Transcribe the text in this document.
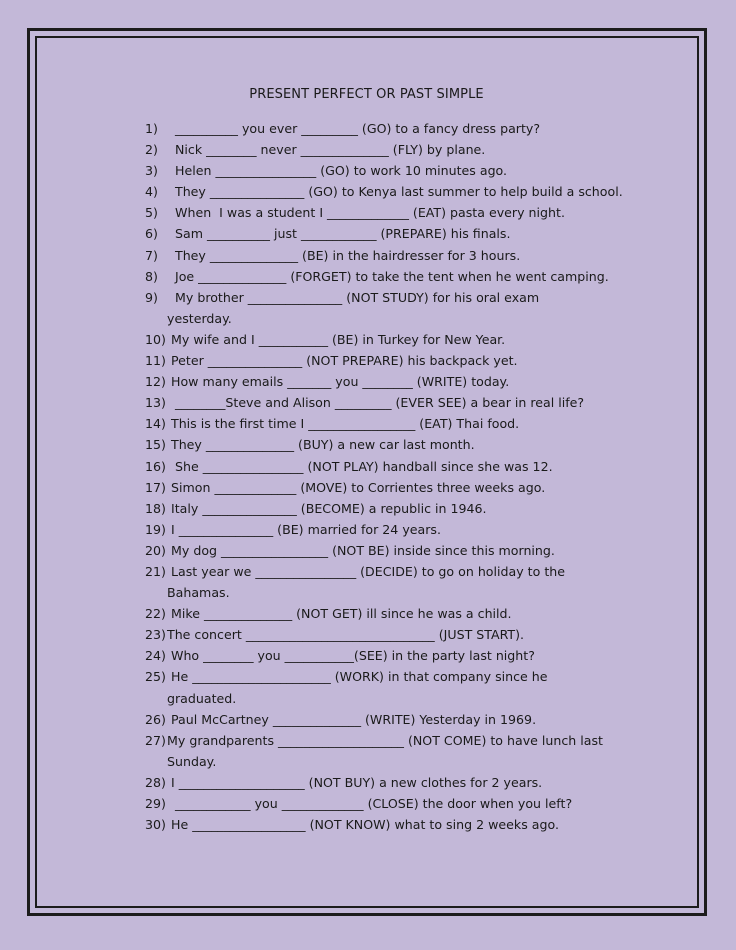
PRESENT PERFECT OR PAST SIMPLE
1) __________ you ever _________ (GO) to a fancy dress party?
2) Nick ________ never ______________ (FLY) by plane.
3) Helen ________________ (GO) to work 10 minutes ago.
4) They _______________ (GO) to Kenya last summer to help build a school.
5) When  I was a student I _____________ (EAT) pasta every night.
6) Sam __________ just ____________ (PREPARE) his finals.
7) They ______________ (BE) in the hairdresser for 3 hours.
8) Joe ______________ (FORGET) to take the tent when he went camping.
9) My brother _______________ (NOT STUDY) for his oral exam
yesterday.
10) My wife and I ___________ (BE) in Turkey for New Year.
11) Peter _______________ (NOT PREPARE) his backpack yet.
12) How many emails _______ you ________ (WRITE) today.
13) ________Steve and Alison _________ (EVER SEE) a bear in real life?
14) This is the first time I _________________ (EAT) Thai food.
15) They ______________ (BUY) a new car last month.
16) She ________________ (NOT PLAY) handball since she was 12.
17) Simon _____________ (MOVE) to Corrientes three weeks ago.
18) Italy _______________ (BECOME) a republic in 1946.
19) I _______________ (BE) married for 24 years.
20) My dog _________________ (NOT BE) inside since this morning.
21) Last year we ________________ (DECIDE) to go on holiday to the
Bahamas.
22) Mike ______________ (NOT GET) ill since he was a child.
23) The concert ______________________________ (JUST START).
24) Who ________ you ___________(SEE) in the party last night?
25) He ______________________ (WORK) in that company since he
graduated.
26) Paul McCartney ______________ (WRITE) Yesterday in 1969.
27) My grandparents ____________________ (NOT COME) to have lunch last
Sunday.
28) I ____________________ (NOT BUY) a new clothes for 2 years.
29) ____________ you _____________ (CLOSE) the door when you left?
30) He __________________ (NOT KNOW) what to sing 2 weeks ago.
